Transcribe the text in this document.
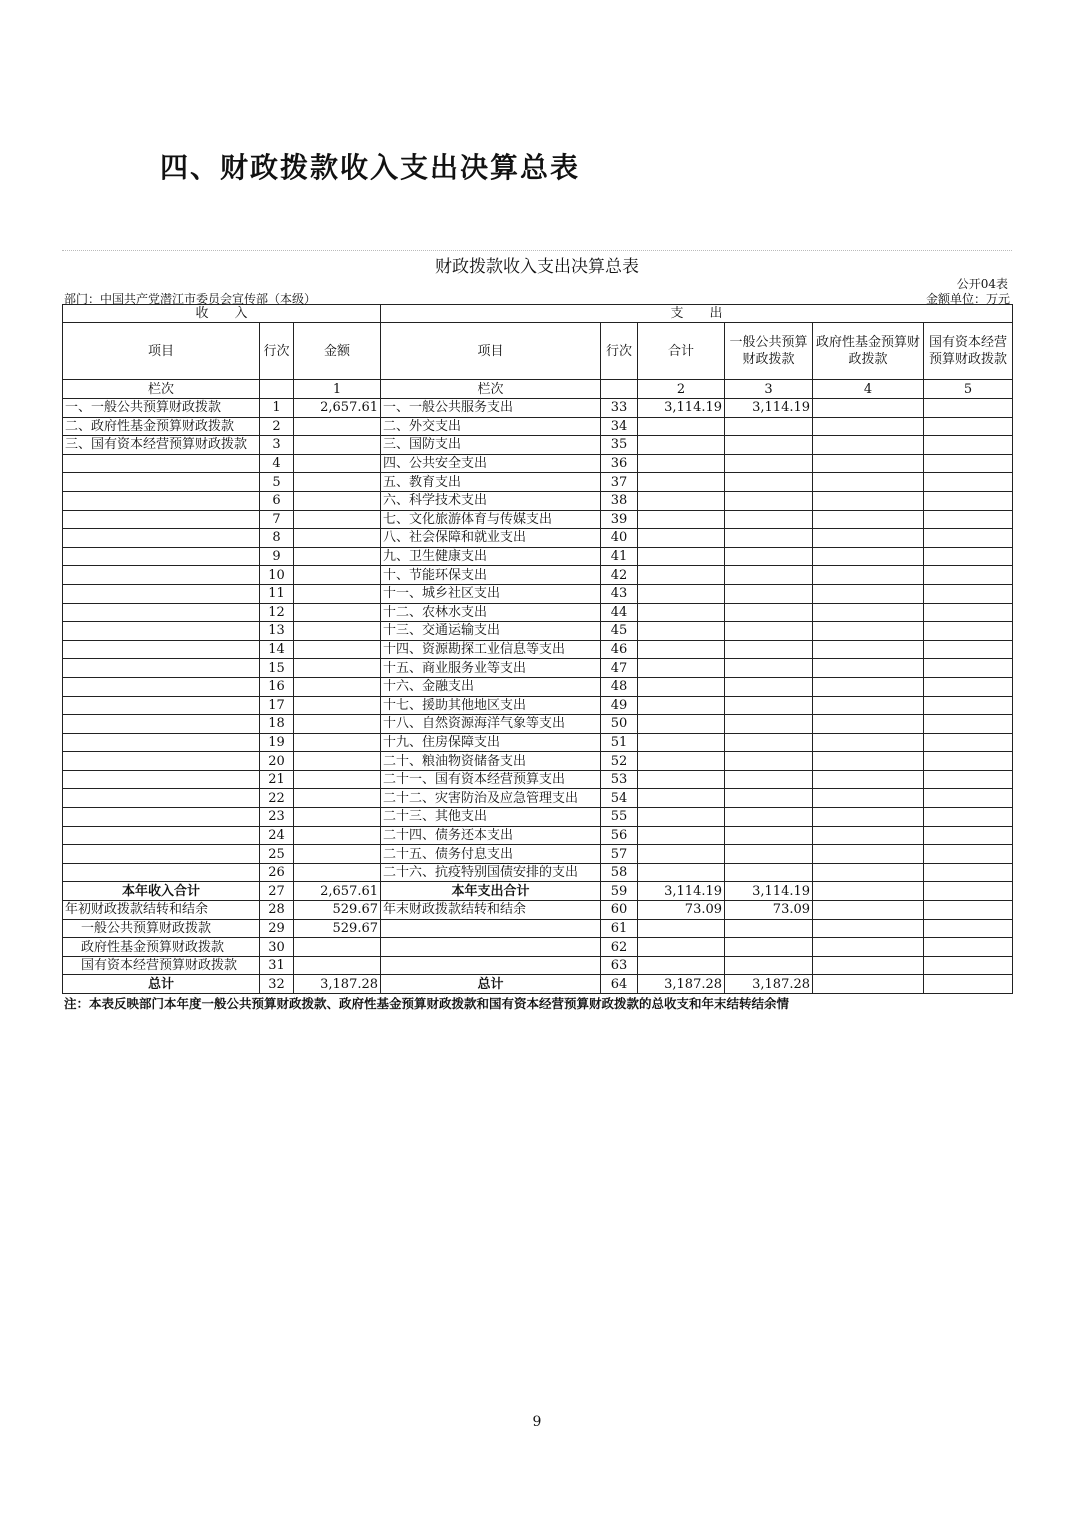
四、财政拨款收入支出决算总表
财政拨款收入支出决算总表
公开04表
部门：中国共产党潜江市委员会宣传部（本级）	金额单位：万元
收　　入			支　　出					
项目	行次	金额	项目	行次	合计	一般公共预算财政拨款	政府性基金预算财政拨款	国有资本经营预算财政拨款
栏次		1	栏次		2	3	4	5
一、一般公共预算财政拨款	1	2,657.61	一、一般公共服务支出	33	3,114.19	3,114.19		
二、政府性基金预算财政拨款	2		二、外交支出	34				
三、国有资本经营预算财政拨款	3		三、国防支出	35				
	4		四、公共安全支出	36				
	5		五、教育支出	37				
	6		六、科学技术支出	38				
	7		七、文化旅游体育与传媒支出	39				
	8		八、社会保障和就业支出	40				
	9		九、卫生健康支出	41				
	10		十、节能环保支出	42				
	11		十一、城乡社区支出	43				
	12		十二、农林水支出	44				
	13		十三、交通运输支出	45				
	14		十四、资源勘探工业信息等支出	46				
	15		十五、商业服务业等支出	47				
	16		十六、金融支出	48				
	17		十七、援助其他地区支出	49				
	18		十八、自然资源海洋气象等支出	50				
	19		十九、住房保障支出	51				
	20		二十、粮油物资储备支出	52				
	21		二十一、国有资本经营预算支出	53				
	22		二十二、灾害防治及应急管理支出	54				
	23		二十三、其他支出	55				
	24		二十四、债务还本支出	56				
	25		二十五、债务付息支出	57				
	26		二十六、抗疫特别国债安排的支出	58				
本年收入合计	27	2,657.61	本年支出合计	59	3,114.19	3,114.19		
年初财政拨款结转和结余	28	529.67	年末财政拨款结转和结余	60	73.09	73.09		
一般公共预算财政拨款	29	529.67		61				
政府性基金预算财政拨款	30			62				
国有资本经营预算财政拨款	31			63				
总计	32	3,187.28	总计	64	3,187.28	3,187.28		
注：本表反映部门本年度一般公共预算财政拨款、政府性基金预算财政拨款和国有资本经营预算财政拨款的总收支和年末结转结余情
9
